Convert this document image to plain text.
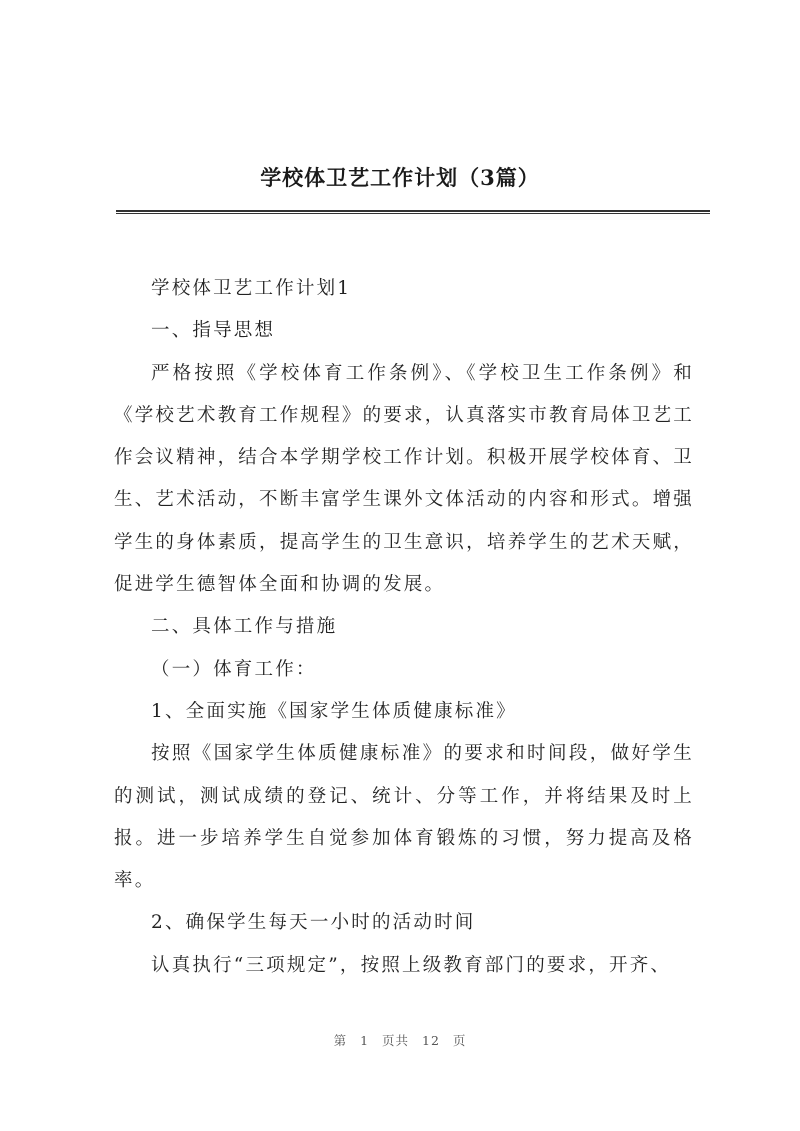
学校体卫艺工作计划（3篇）

学校体卫艺工作计划1

一、指导思想

严格按照《学校体育工作条例》、《学校卫生工作条例》和《学校艺术教育工作规程》的要求，认真落实市教育局体卫艺工作会议精神，结合本学期学校工作计划。积极开展学校体育、卫生、艺术活动，不断丰富学生课外文体活动的内容和形式。增强学生的身体素质，提高学生的卫生意识，培养学生的艺术天赋，促进学生德智体全面和协调的发展。

二、具体工作与措施

（一）体育工作：

1、全面实施《国家学生体质健康标准》

按照《国家学生体质健康标准》的要求和时间段，做好学生的测试，测试成绩的登记、统计、分等工作，并将结果及时上报。进一步培养学生自觉参加体育锻炼的习惯，努力提高及格率。

2、确保学生每天一小时的活动时间

认真执行“三项规定”，按照上级教育部门的要求，开齐、

第 1 页共 12 页
